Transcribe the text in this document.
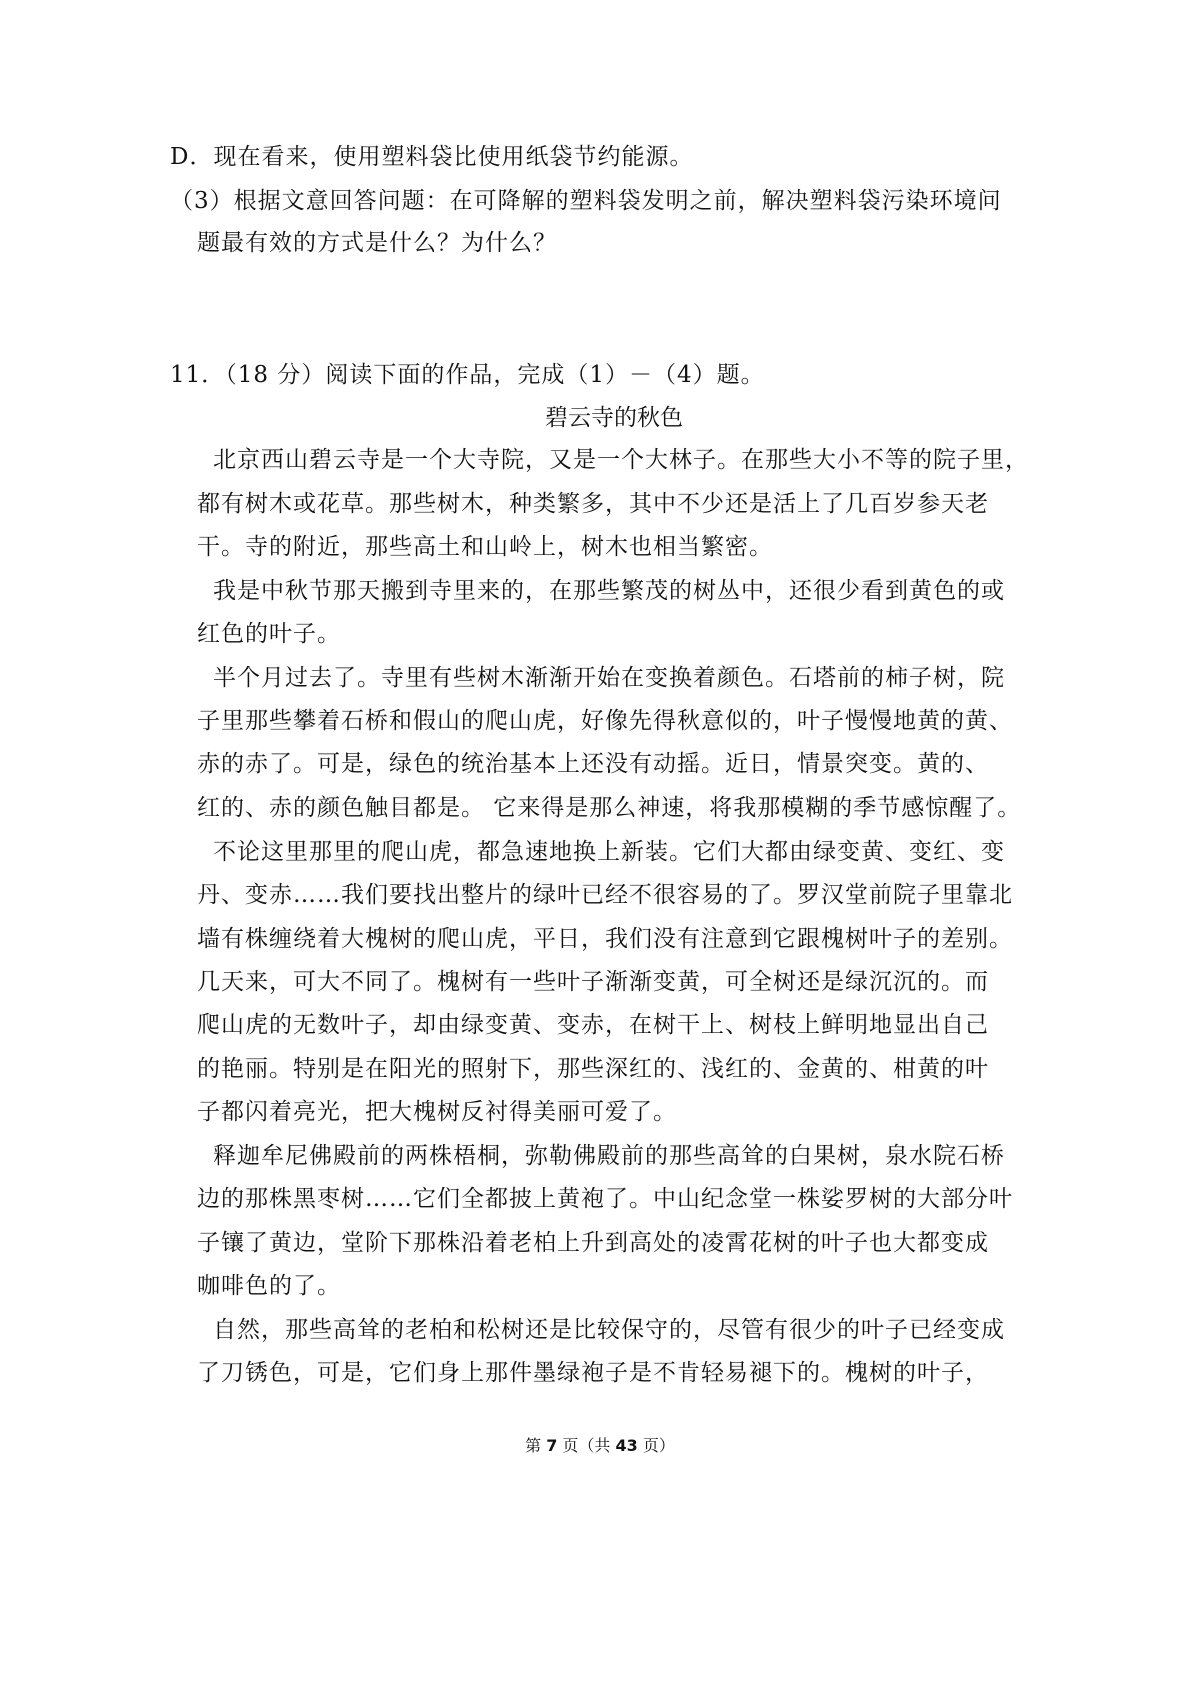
D．现在看来，使用塑料袋比使用纸袋节约能源。
（3）根据文意回答问题：在可降解的塑料袋发明之前，解决塑料袋污染环境问
题最有效的方式是什么？为什么？
11．（18 分）阅读下面的作品，完成（1）－（4）题。
碧云寺的秋色
北京西山碧云寺是一个大寺院，又是一个大林子。在那些大小不等的院子里，
都有树木或花草。那些树木，种类繁多，其中不少还是活上了几百岁参天老
干。寺的附近，那些高土和山岭上，树木也相当繁密。
我是中秋节那天搬到寺里来的，在那些繁茂的树丛中，还很少看到黄色的或
红色的叶子。
半个月过去了。寺里有些树木渐渐开始在变换着颜色。石塔前的柿子树，院
子里那些攀着石桥和假山的爬山虎，好像先得秋意似的，叶子慢慢地黄的黄、
赤的赤了。可是，绿色的统治基本上还没有动摇。近日，情景突变。黄的、
红的、赤的颜色触目都是。 它来得是那么神速，将我那模糊的季节感惊醒了。
不论这里那里的爬山虎，都急速地换上新装。它们大都由绿变黄、变红、变
丹、变赤……我们要找出整片的绿叶已经不很容易的了。罗汉堂前院子里靠北
墙有株缠绕着大槐树的爬山虎，平日，我们没有注意到它跟槐树叶子的差别。
几天来，可大不同了。槐树有一些叶子渐渐变黄，可全树还是绿沉沉的。而
爬山虎的无数叶子，却由绿变黄、变赤，在树干上、树枝上鲜明地显出自己
的艳丽。特别是在阳光的照射下，那些深红的、浅红的、金黄的、柑黄的叶
子都闪着亮光，把大槐树反衬得美丽可爱了。
释迦牟尼佛殿前的两株梧桐，弥勒佛殿前的那些高耸的白果树，泉水院石桥
边的那株黑枣树……它们全都披上黄袍了。中山纪念堂一株娑罗树的大部分叶
子镶了黄边，堂阶下那株沿着老柏上升到高处的凌霄花树的叶子也大都变成
咖啡色的了。
自然，那些高耸的老柏和松树还是比较保守的，尽管有很少的叶子已经变成
了刀锈色，可是，它们身上那件墨绿袍子是不肯轻易褪下的。槐树的叶子，
第 7 页（共 43 页）
